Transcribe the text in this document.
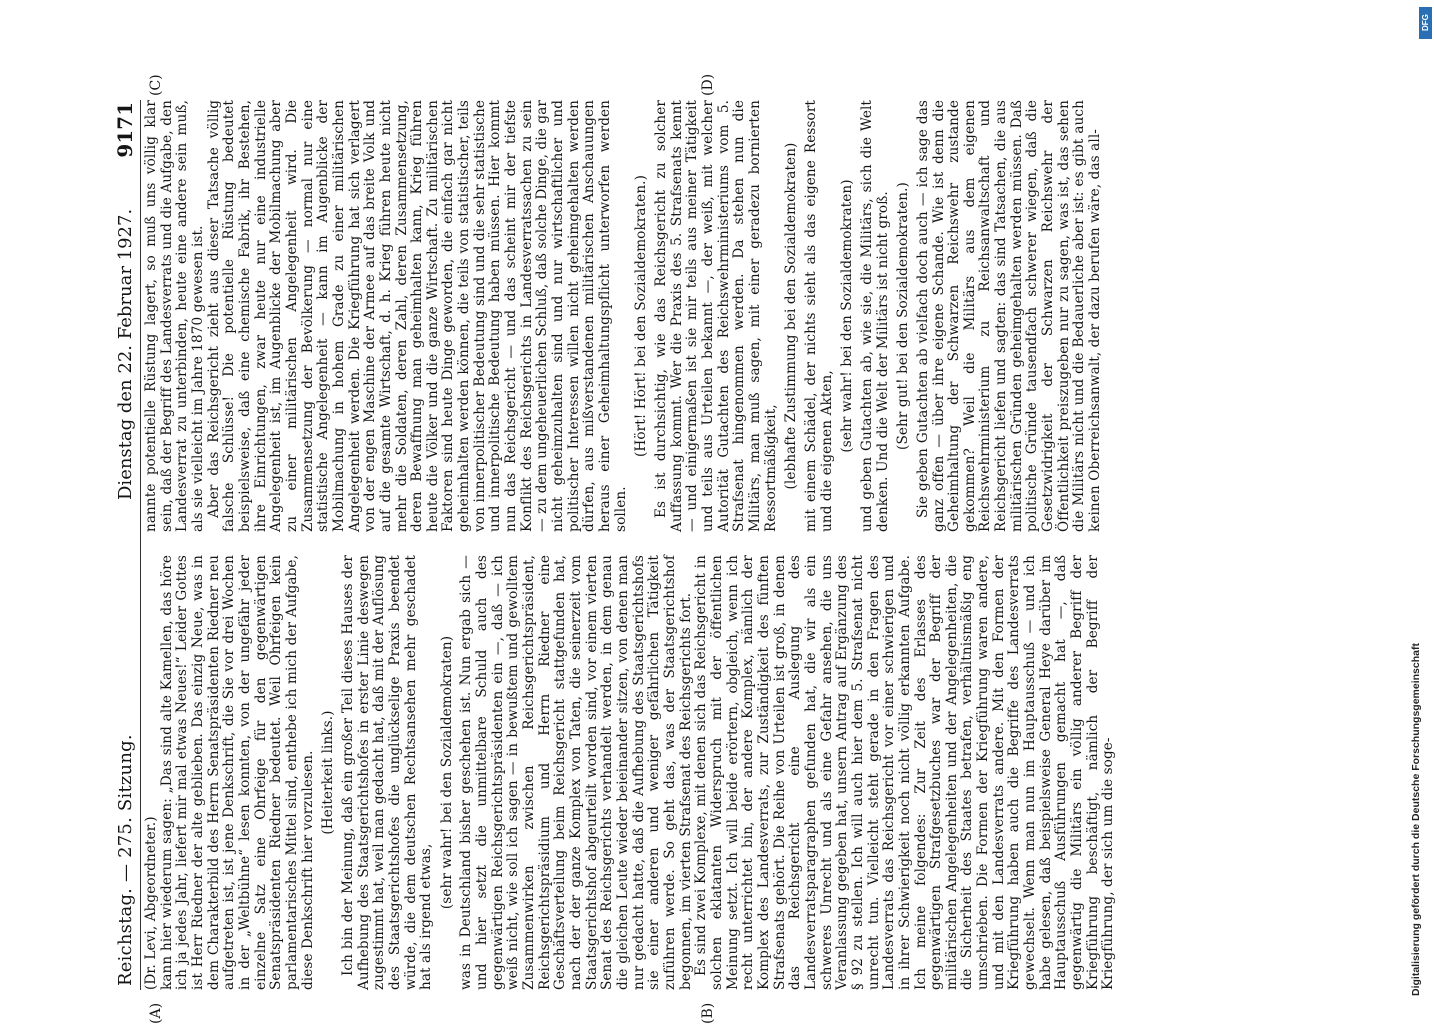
Digitalisierung gefördert durch die Deutsche Forschungsgemeinschaft
DFG
Reichstag. — 275. Sitzung.
Dienstag den 22. Februar 1927.
9171
(A)	(B)
(C)	(D)

(Dr. Levi, Abgeordneter.) kann hier wiederum sagen: „Das sind alte Kamellen, das höre ich ja jedes Jahr, liefert mir mal etwas Neues!“ Leider Gottes ist Herr Riedner der alte geblieben. Das einzig Neue, was in dem Charakterbild des Herrn Senatspräsidenten Riedner neu aufgetreten ist, ist jene Denkschrift, die Sie vor drei Wochen in der „Weltbühne“ lesen konnten, von der ungefähr jeder einzelne Satz eine Ohrfeige für den gegenwärtigen Senatspräsidenten Riedner bedeutet. Weil Ohrfeigen kein parlamentarisches Mittel sind, enthebe ich mich der Aufgabe, diese Denkschrift hier vorzulesen. (Heiterkeit links.) Ich bin der Meinung, daß ein großer Teil dieses Hauses der Aufhebung des Staatsgerichtshofes in erster Linie deswegen zugestimmt hat, weil man gedacht hat, daß mit der Auflösung des Staatsgerichtshofes die unglückselige Praxis beendet würde, die dem deutschen Rechtsansehen mehr geschadet hat als irgend etwas,

(sehr wahr! bei den Sozialdemokraten) was in Deutschland bisher geschehen ist. Nun ergab sich — und hier setzt die unmittelbare Schuld auch des gegenwärtigen Reichsgerichtspräsidenten ein —, daß — ich weiß nicht, wie soll ich sagen — in bewußtem und gewolltem Zusammenwirken zwischen Reichsgerichtspräsident, Reichsgerichtspräsidium und Herrn Riedner eine Geschäftsverteilung beim Reichsgericht stattgefunden hat, nach der der ganze Komplex von Taten, die seinerzeit vom Staatsgerichtshof abgeurteilt worden sind, vor einem vierten Senat des Reichsgerichts verhandelt werden, in dem genau die gleichen Leute wieder beieinander sitzen, von denen man nur gedacht hatte, daß die Aufhebung des Staatsgerichtshofs sie einer anderen und weniger gefährlichen Tätigkeit zuführen werde. So geht das, was der Staatsgerichtshof begonnen, im vierten Strafsenat des Reichsgerichts fort. Es sind zwei Komplexe, mit denen sich das Reichsgericht in solchen eklatanten Widerspruch mit der öffentlichen Meinung setzt. Ich will beide erörtern, obgleich, wenn ich recht unterrichtet bin, der andere Komplex, nämlich der Komplex des Landesverrats, zur Zuständigkeit des fünften Strafsenats gehört. Die Reihe von Urteilen ist groß, in denen das Reichsgericht eine Auslegung des Landesverratsparagraphen gefunden hat, die wir als ein schweres Unrecht und als eine Gefahr ansehen, die uns Veranlassung gegeben hat, unsern Antrag auf Ergänzung des § 92 zu stellen. Ich will auch hier dem 5. Strafsenat nicht unrecht tun. Vielleicht steht gerade in den Fragen des Landesverrats das Reichsgericht vor einer schwierigen und in ihrer Schwierigkeit noch nicht völlig erkannten Aufgabe. Ich meine folgendes: Zur Zeit des Erlasses des gegenwärtigen Strafgesetzbuches war der Begriff der militärischen Angelegenheiten und der Angelegenheiten, die die Sicherheit des Staates betrafen, verhältnismäßig eng umschrieben. Die Formen der Kriegführung waren andere, und mit den Landesverrats andere. Mit den Formen der Kriegführung haben auch die Begriffe des Landesverrats gewechselt. Wenn man nun im Hauptausschuß — und ich habe gelesen, daß beispielsweise General Heye darüber im Hauptausschuß Ausführungen gemacht hat —, daß gegenwärtig die Militärs ein völlig anderer Begriff der Kriegführung beschäftigt, nämlich der Begriff der Kriegführung, der sich um die soge-

nannte potentielle Rüstung lagert, so muß uns völlig klar sein, daß der Begriff des Landesverrats und die Aufgabe, den Landesverrat zu unterbinden, heute eine andere sein muß, als sie vielleicht im Jahre 1870 gewesen ist. Aber das Reichsgericht zieht aus dieser Tatsache völlig falsche Schlüsse! Die potentielle Rüstung bedeutet beispielsweise, daß eine chemische Fabrik, ihr Bestehen, ihre Einrichtungen, zwar heute nur eine industrielle Angelegenheit ist, im Augenblicke der Mobilmachung aber zu einer militärischen Angelegenheit wird. Die Zusammensetzung der Bevölkerung — normal nur eine statistische Angelegenheit — kann im Augenblicke der Mobilmachung in hohem Grade zu einer militärischen Angelegenheit werden. Die Kriegführung hat sich verlagert von der engen Maschine der Armee auf das breite Volk und auf die gesamte Wirtschaft, d. h. Krieg führen heute nicht mehr die Soldaten, deren Zahl, deren Zusammensetzung, deren Bewaffnung man geheimhalten kann, Krieg führen heute die Völker und die ganze Wirtschaft. Zu militärischen Faktoren sind heute Dinge geworden, die einfach gar nicht geheimhalten werden können, die teils von statistischer, teils von innerpolitischer Bedeutung sind und die sehr statistische und innerpolitische Bedeutung haben müssen. Hier kommt nun das Reichsgericht — und das scheint mir der tiefste Konflikt des Reichsgerichts in Landesverratssachen zu sein — zu dem ungeheuerlichen Schluß, daß solche Dinge, die gar nicht geheimzuhalten sind und nur wirtschaftlicher und politischer Interessen willen nicht geheimgehalten werden dürfen, aus mißverstandenen militärischen Anschauungen heraus einer Geheimhaltungspflicht unterworfen werden sollen.

(Hört! Hört! bei den Sozialdemokraten.) Es ist durchsichtig, wie das Reichsgericht zu solcher Auffassung kommt. Wer die Praxis des 5. Strafsenats kennt — und einigermaßen ist sie mir teils aus meiner Tätigkeit und teils aus Urteilen bekannt —, der weiß, mit welcher Autorität Gutachten des Reichswehrministeriums vom 5. Strafsenat hingenommen werden. Da stehen nun die Militärs, man muß sagen, mit einer geradezu bornierten Ressortmäßigkeit, (lebhafte Zustimmung bei den Sozialdemokraten) mit einem Schädel, der nichts sieht als das eigene Ressort und die eigenen Akten, (sehr wahr! bei den Sozialdemokraten) und geben Gutachten ab, wie sie, die Militärs, sich die Welt denken. Und die Welt der Militärs ist nicht groß. (Sehr gut! bei den Sozialdemokraten.) Sie geben Gutachten ab vielfach doch auch — ich sage das ganz offen — über ihre eigene Schande. Wie ist denn die Geheimhaltung der Schwarzen Reichswehr zustande gekommen? Weil die Militärs aus dem eigenen Reichswehrministerium zu Reichsanwaltschaft und Reichsgericht liefen und sagten: das sind Tatsachen, die aus militärischen Gründen geheimgehalten werden müssen. Daß politische Gründe tausendfach schwerer wiegen, daß die Gesetzwidrigkeit der Schwarzen Reichswehr der Öffentlichkeit preiszugeben nur zu sagen, was ist, das sehen die Militärs nicht und die Bedauerliche aber ist: es gibt auch keinen Oberreichsanwalt, der dazu berufen wäre, das all-
